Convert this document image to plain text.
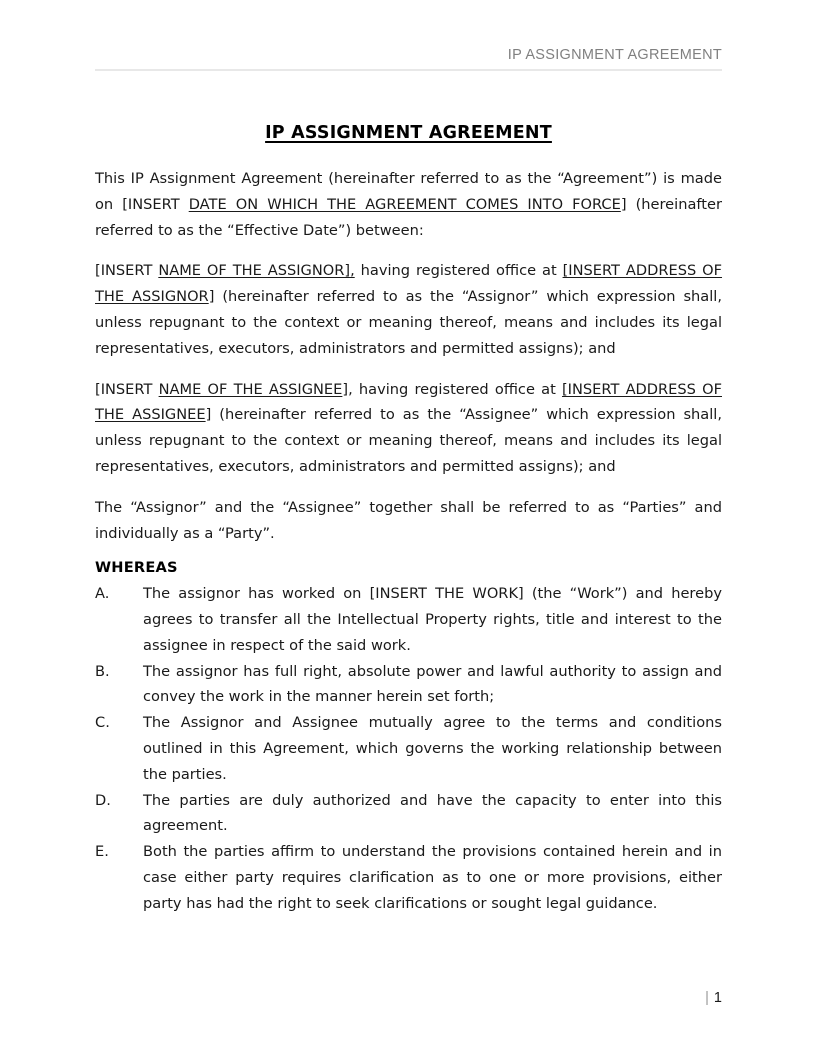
IP ASSIGNMENT AGREEMENT
IP ASSIGNMENT AGREEMENT

This IP Assignment Agreement (hereinafter referred to as the “Agreement”) is made on [INSERT DATE ON WHICH THE AGREEMENT COMES INTO FORCE] (hereinafter referred to as the “Effective Date”) between:

[INSERT NAME OF THE ASSIGNOR], having registered office at [INSERT ADDRESS OF THE ASSIGNOR] (hereinafter referred to as the “Assignor” which expression shall, unless repugnant to the context or meaning thereof, means and includes its legal representatives, executors, administrators and permitted assigns); and

[INSERT NAME OF THE ASSIGNEE], having registered office at [INSERT ADDRESS OF THE ASSIGNEE] (hereinafter referred to as the “Assignee” which expression shall, unless repugnant to the context or meaning thereof, means and includes its legal representatives, executors, administrators and permitted assigns); and

The “Assignor” and the “Assignee” together shall be referred to as “Parties” and individually as a “Party”.

WHEREAS
A.	The assignor has worked on [INSERT THE WORK] (the “Work”) and hereby agrees to transfer all the Intellectual Property rights, title and interest to the assignee in respect of the said work.
B.	The assignor has full right, absolute power and lawful authority to assign and convey the work in the manner herein set forth;
C.	The Assignor and Assignee mutually agree to the terms and conditions outlined in this Agreement, which governs the working relationship between the parties.
D.	The parties are duly authorized and have the capacity to enter into this agreement.
E.	Both the parties affirm to understand the provisions contained herein and in case either party requires clarification as to one or more provisions, either party has had the right to seek clarifications or sought legal guidance.
| 1
